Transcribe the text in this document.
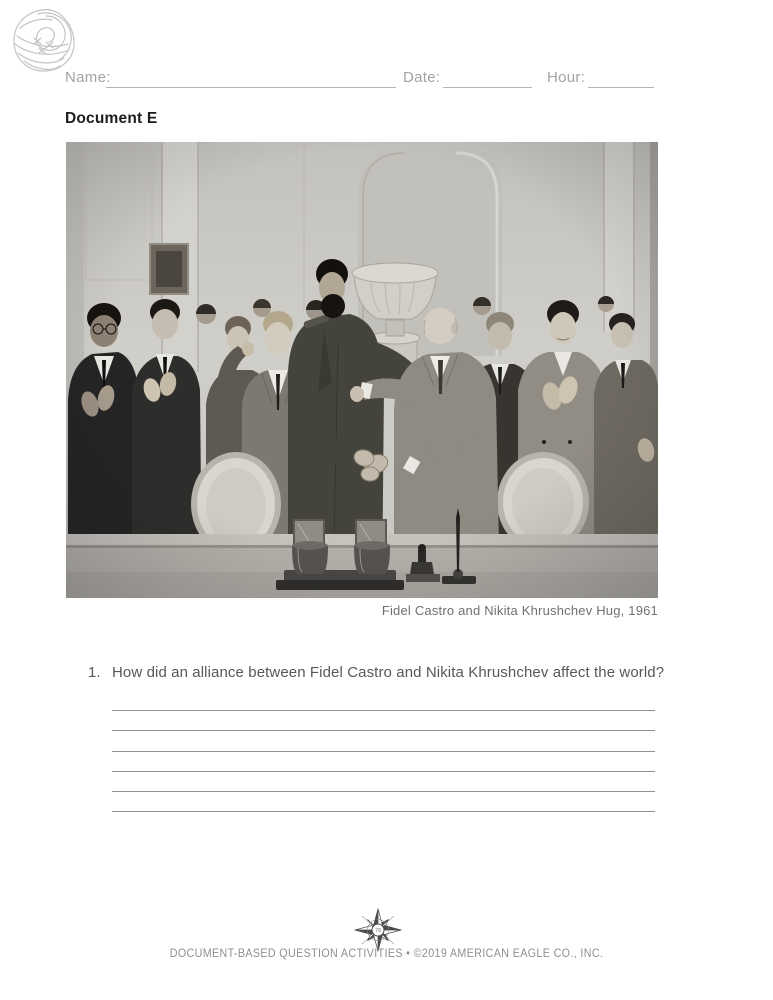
Name:	Date:	Hour:
Document E
Fidel Castro and Nikita Khrushchev Hug, 1961
1. How did an alliance between Fidel Castro and Nikita Khrushchev affect the world?
78
DOCUMENT-BASED QUESTION ACTIVITIES • ©2019 AMERICAN EAGLE CO., INC.
